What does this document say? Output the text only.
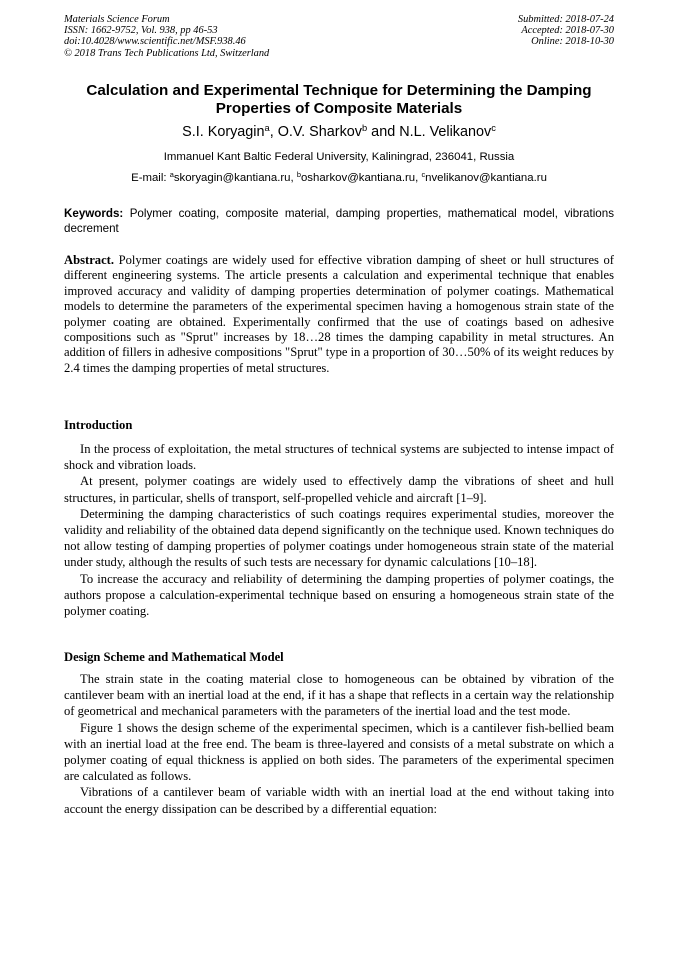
Materials Science Forum
ISSN: 1662-9752, Vol. 938, pp 46-53
doi:10.4028/www.scientific.net/MSF.938.46
© 2018 Trans Tech Publications Ltd, Switzerland
Submitted: 2018-07-24
Accepted: 2018-07-30
Online: 2018-10-30
Calculation and Experimental Technique for Determining the Damping
Properties of Composite Materials
S.I. Koryagin$^a$, O.V. Sharkov$^b$ and N.L. Velikanov$^c$
Immanuel Kant Baltic Federal University, Kaliningrad, 236041, Russia
E-mail: $^a$skoryagin@kantiana.ru, $^b$osharkov@kantiana.ru, $^c$nvelikanov@kantiana.ru
Keywords: Polymer coating, composite material, damping properties, mathematical model, vibrations decrement
Abstract. Polymer coatings are widely used for effective vibration damping of sheet or hull structures of different engineering systems. The article presents a calculation and experimental technique that enables improved accuracy and validity of damping properties determination of polymer coatings. Mathematical models to determine the parameters of the experimental specimen having a homogenous strain state of the polymer coating are obtained. Experimentally confirmed that the use of coatings based on adhesive compositions such as "Sprut" increases by 18…28 times the damping capability in metal structures. An addition of fillers in adhesive compositions "Sprut" type in a proportion of 30…50% of its weight reduces by 2.4 times the damping properties of metal structures.
Introduction

In the process of exploitation, the metal structures of technical systems are subjected to intense impact of shock and vibration loads.

At present, polymer coatings are widely used to effectively damp the vibrations of sheet and hull structures, in particular, shells of transport, self-propelled vehicle and aircraft [1–9].

Determining the damping characteristics of such coatings requires experimental studies, moreover the validity and reliability of the obtained data depend significantly on the technique used. Known techniques do not allow testing of damping properties of polymer coatings under homogeneous strain state of the material under study, although the results of such tests are necessary for dynamic calculations [10–18].

To increase the accuracy and reliability of determining the damping properties of polymer coatings, the authors propose a calculation-experimental technique based on ensuring a homogeneous strain state of the polymer coating.

Design Scheme and Mathematical Model

The strain state in the coating material close to homogeneous can be obtained by vibration of the cantilever beam with an inertial load at the end, if it has a shape that reflects in a certain way the relationship of geometrical and mechanical parameters with the parameters of the inertial load and the test mode.

Figure 1 shows the design scheme of the experimental specimen, which is a cantilever fish-bellied beam with an inertial load at the free end. The beam is three-layered and consists of a metal substrate on which a polymer coating of equal thickness is applied on both sides. The parameters of the experimental specimen are calculated as follows.

Vibrations of a cantilever beam of variable width with an inertial load at the end without taking into account the energy dissipation can be described by a differential equation:
